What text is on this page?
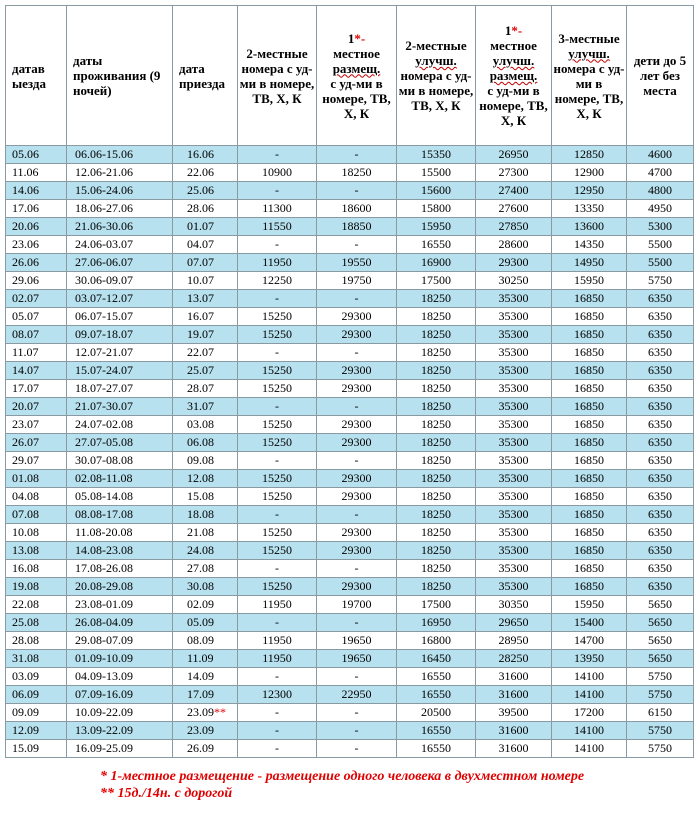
датав ыезда	даты проживания (9 ночей)	дата приезда	2-местные номера с уд-ми в номере, ТВ, Х, К	1*-
местное
размещ.
с уд-ми в номере, ТВ, Х, К	2-местные
улучш.
номера с уд-ми в номере, ТВ, Х, К	1*-
местное
улучш.
размещ.
с уд-ми в номере, ТВ, Х, К	3-местные
улучш.
номера с уд-ми в номере, ТВ, Х, К	дети до 5 лет без места
05.06	06.06-15.06	16.06	-	-	15350	26950	12850	4600
11.06	12.06-21.06	22.06	10900	18250	15500	27300	12900	4700
14.06	15.06-24.06	25.06	-	-	15600	27400	12950	4800
17.06	18.06-27.06	28.06	11300	18600	15800	27600	13350	4950
20.06	21.06-30.06	01.07	11550	18850	15950	27850	13600	5300
23.06	24.06-03.07	04.07	-	-	16550	28600	14350	5500
26.06	27.06-06.07	07.07	11950	19550	16900	29300	14950	5500
29.06	30.06-09.07	10.07	12250	19750	17500	30250	15950	5750
02.07	03.07-12.07	13.07	-	-	18250	35300	16850	6350
05.07	06.07-15.07	16.07	15250	29300	18250	35300	16850	6350
08.07	09.07-18.07	19.07	15250	29300	18250	35300	16850	6350
11.07	12.07-21.07	22.07	-	-	18250	35300	16850	6350
14.07	15.07-24.07	25.07	15250	29300	18250	35300	16850	6350
17.07	18.07-27.07	28.07	15250	29300	18250	35300	16850	6350
20.07	21.07-30.07	31.07	-	-	18250	35300	16850	6350
23.07	24.07-02.08	03.08	15250	29300	18250	35300	16850	6350
26.07	27.07-05.08	06.08	15250	29300	18250	35300	16850	6350
29.07	30.07-08.08	09.08	-	-	18250	35300	16850	6350
01.08	02.08-11.08	12.08	15250	29300	18250	35300	16850	6350
04.08	05.08-14.08	15.08	15250	29300	18250	35300	16850	6350
07.08	08.08-17.08	18.08	-	-	18250	35300	16850	6350
10.08	11.08-20.08	21.08	15250	29300	18250	35300	16850	6350
13.08	14.08-23.08	24.08	15250	29300	18250	35300	16850	6350
16.08	17.08-26.08	27.08	-	-	18250	35300	16850	6350
19.08	20.08-29.08	30.08	15250	29300	18250	35300	16850	6350
22.08	23.08-01.09	02.09	11950	19700	17500	30350	15950	5650
25.08	26.08-04.09	05.09	-	-	16950	29650	15400	5650
28.08	29.08-07.09	08.09	11950	19650	16800	28950	14700	5650
31.08	01.09-10.09	11.09	11950	19650	16450	28250	13950	5650
03.09	04.09-13.09	14.09	-	-	16550	31600	14100	5750
06.09	07.09-16.09	17.09	12300	22950	16550	31600	14100	5750
09.09	10.09-22.09	23.09**	-	-	20500	39500	17200	6150
12.09	13.09-22.09	23.09	-	-	16550	31600	14100	5750
15.09	16.09-25.09	26.09	-	-	16550	31600	14100	5750
* 1-местное размещение - размещение одного человека в двухместном номере
** 15д./14н. с дорогой
